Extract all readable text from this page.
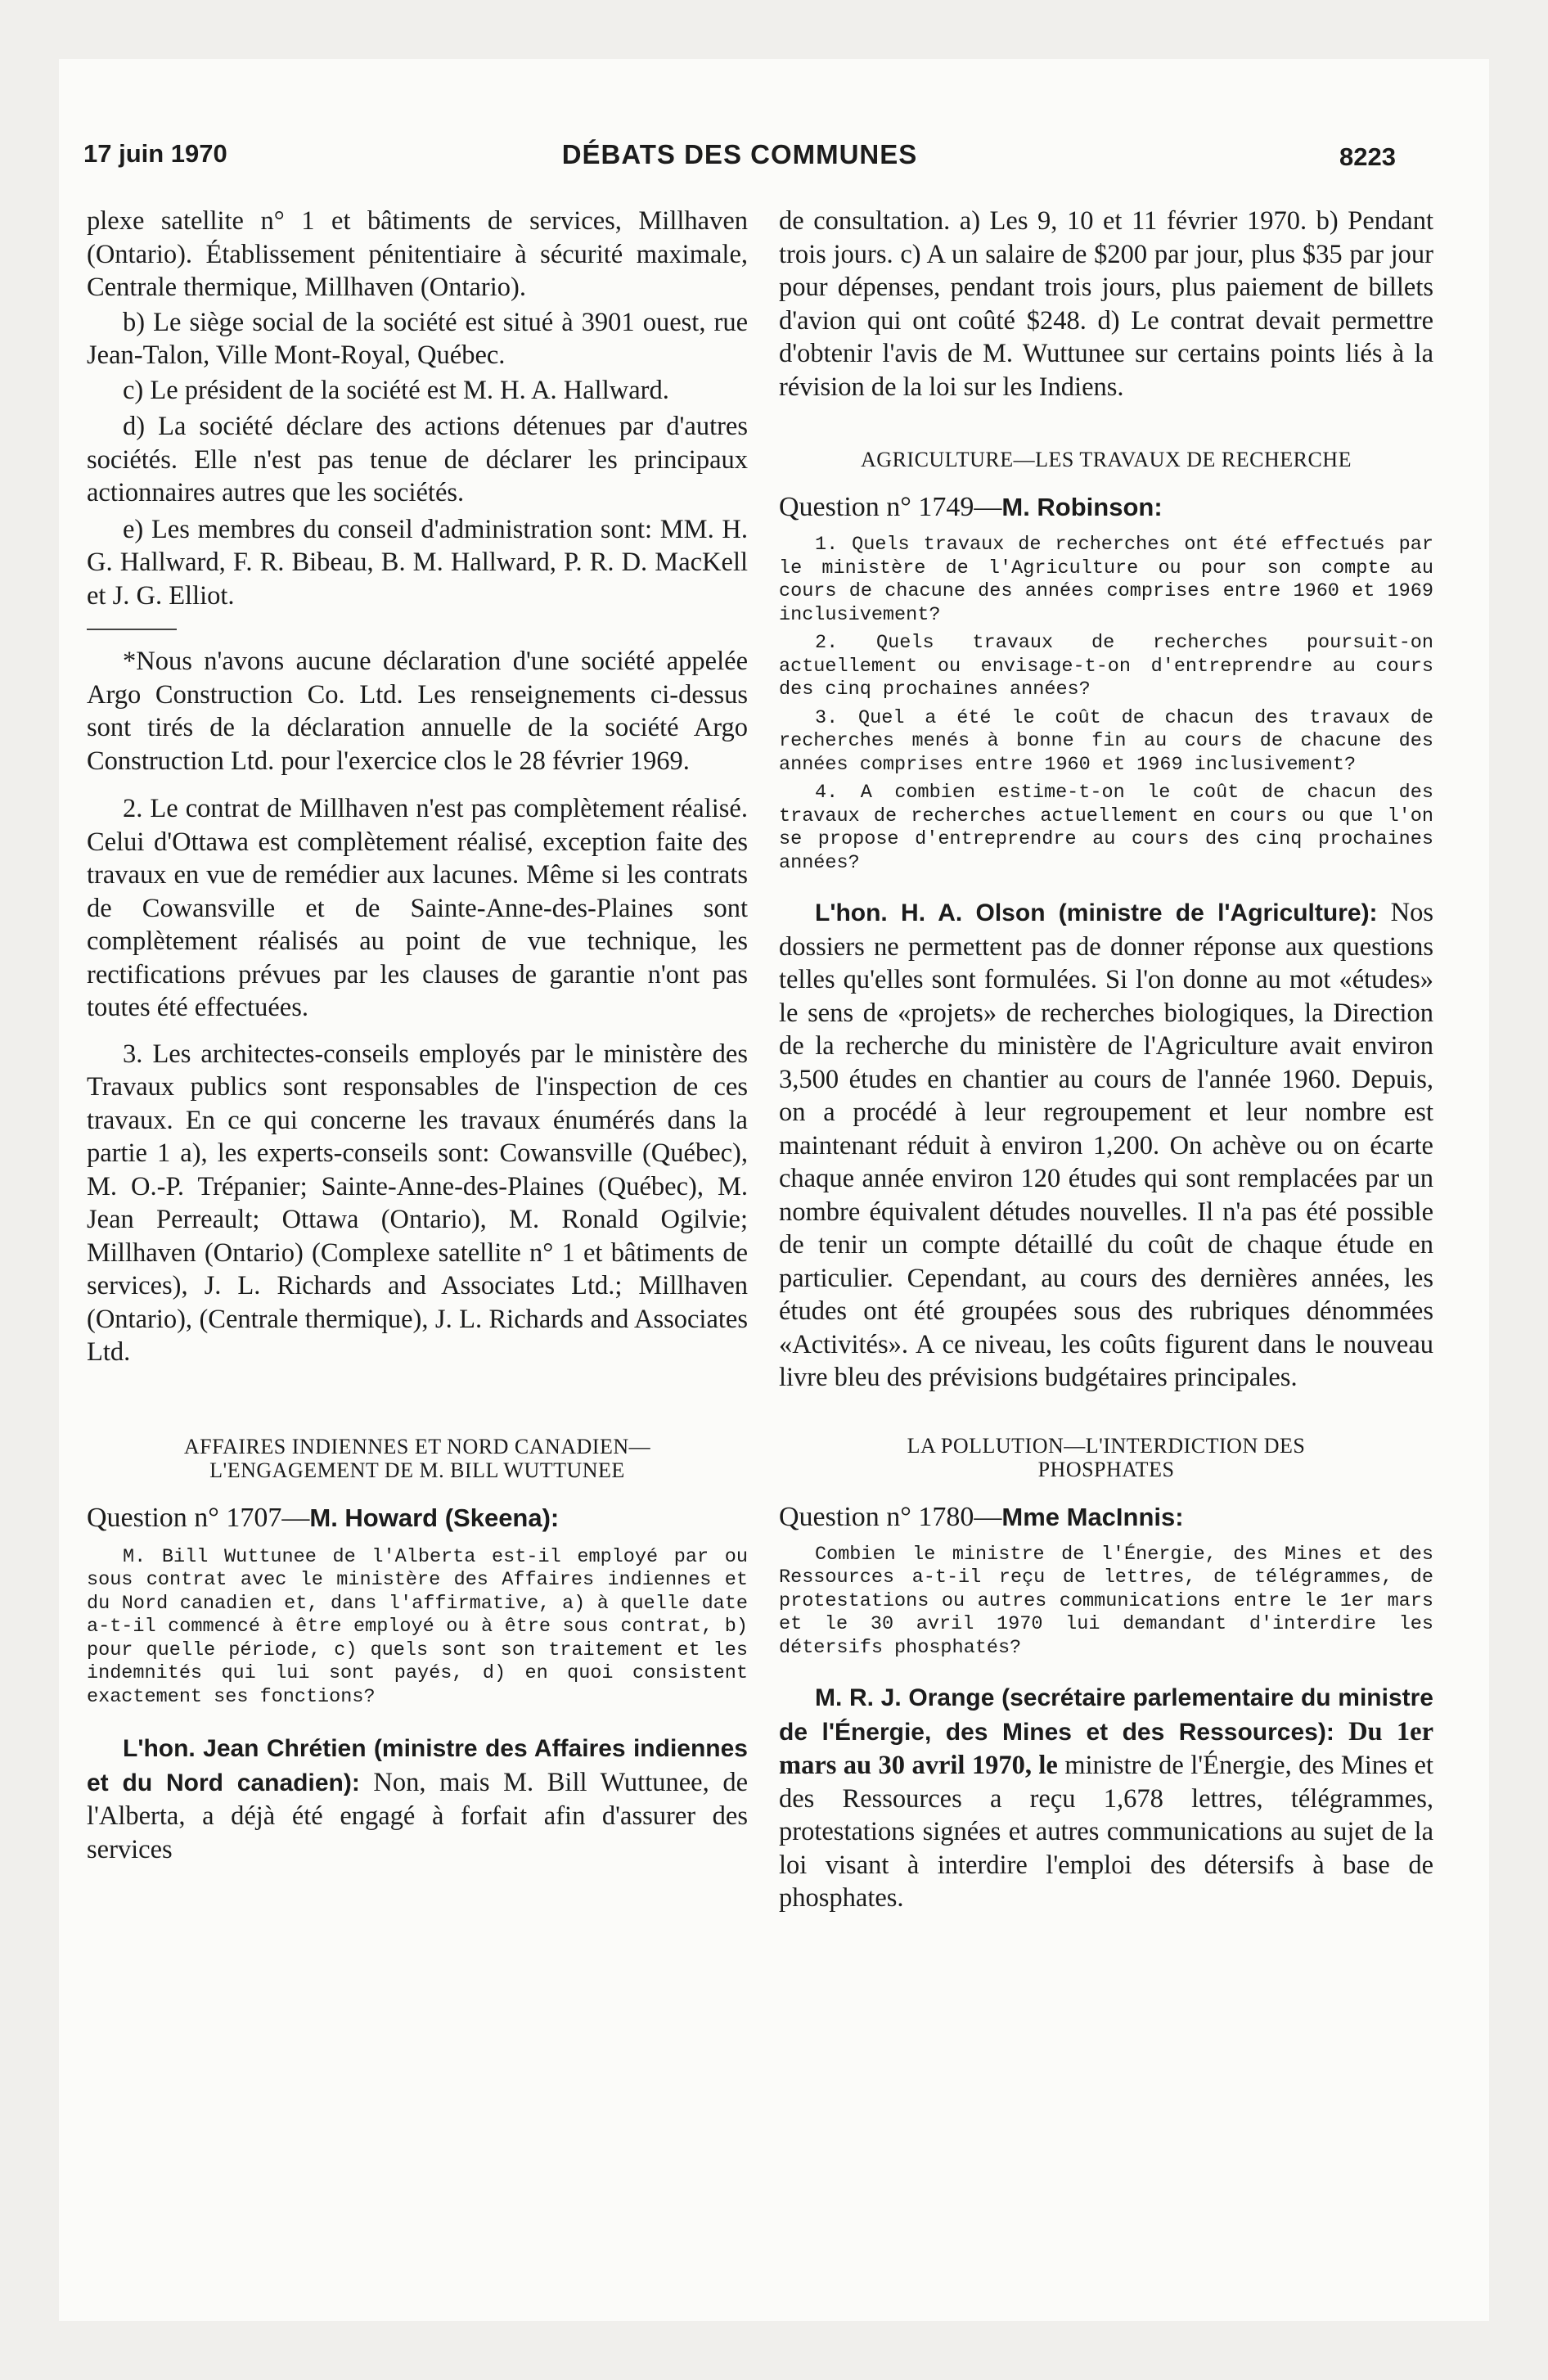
17 juin 1970	DÉBATS DES COMMUNES	8223

plexe satellite n° 1 et bâtiments de services, Millhaven (Ontario). Établissement pénitentiaire à sécurité maximale, Centrale thermique, Millhaven (Ontario).

b) Le siège social de la société est situé à 3901 ouest, rue Jean-Talon, Ville Mont-Royal, Québec.

c) Le président de la société est M. H. A. Hallward.

d) La société déclare des actions détenues par d'autres sociétés. Elle n'est pas tenue de déclarer les principaux actionnaires autres que les sociétés.

e) Les membres du conseil d'administration sont: MM. H. G. Hallward, F. R. Bibeau, B. M. Hallward, P. R. D. MacKell et J. G. Elliot.

*Nous n'avons aucune déclaration d'une société appelée Argo Construction Co. Ltd. Les renseignements ci-dessus sont tirés de la déclaration annuelle de la société Argo Construction Ltd. pour l'exercice clos le 28 février 1969.

2. Le contrat de Millhaven n'est pas complètement réalisé. Celui d'Ottawa est complètement réalisé, exception faite des travaux en vue de remédier aux lacunes. Même si les contrats de Cowansville et de Sainte-Anne-des-Plaines sont complètement réalisés au point de vue technique, les rectifications prévues par les clauses de garantie n'ont pas toutes été effectuées.

3. Les architectes-conseils employés par le ministère des Travaux publics sont responsables de l'inspection de ces travaux. En ce qui concerne les travaux énumérés dans la partie 1 a), les experts-conseils sont: Cowansville (Québec), M. O.-P. Trépanier; Sainte-Anne-des-Plaines (Québec), M. Jean Perreault; Ottawa (Ontario), M. Ronald Ogilvie; Millhaven (Ontario) (Complexe satellite n° 1 et bâtiments de services), J. L. Richards and Associates Ltd.; Millhaven (Ontario), (Centrale thermique), J. L. Richards and Associates Ltd.

AFFAIRES INDIENNES ET NORD CANADIEN—

L'ENGAGEMENT DE M. BILL WUTTUNEE

Question n° 1707—M. Howard (Skeena):

M. Bill Wuttunee de l'Alberta est-il employé par ou sous contrat avec le ministère des Affaires indiennes et du Nord canadien et, dans l'affirmative, a) à quelle date a-t-il commencé à être employé ou à être sous contrat, b) pour quelle période, c) quels sont son traitement et les indemnités qui lui sont payés, d) en quoi consistent exactement ses fonctions?

L'hon. Jean Chrétien (ministre des Affaires indiennes et du Nord canadien): Non, mais M. Bill Wuttunee, de l'Alberta, a déjà été engagé à forfait afin d'assurer des services

de consultation. a) Les 9, 10 et 11 février 1970. b) Pendant trois jours. c) A un salaire de $200 par jour, plus $35 par jour pour dépenses, pendant trois jours, plus paiement de billets d'avion qui ont coûté $248. d) Le contrat devait permettre d'obtenir l'avis de M. Wuttunee sur certains points liés à la révision de la loi sur les Indiens.

AGRICULTURE—LES TRAVAUX DE RECHERCHE

Question n° 1749—M. Robinson:

1. Quels travaux de recherches ont été effectués par le ministère de l'Agriculture ou pour son compte au cours de chacune des années comprises entre 1960 et 1969 inclusivement?

2. Quels travaux de recherches poursuit-on actuellement ou envisage-t-on d'entreprendre au cours des cinq prochaines années?

3. Quel a été le coût de chacun des travaux de recherches menés à bonne fin au cours de chacune des années comprises entre 1960 et 1969 inclusivement?

4. A combien estime-t-on le coût de chacun des travaux de recherches actuellement en cours ou que l'on se propose d'entreprendre au cours des cinq prochaines années?

L'hon. H. A. Olson (ministre de l'Agriculture): Nos dossiers ne permettent pas de donner réponse aux questions telles qu'elles sont formulées. Si l'on donne au mot «études» le sens de «projets» de recherches biologiques, la Direction de la recherche du ministère de l'Agriculture avait environ 3,500 études en chantier au cours de l'année 1960. Depuis, on a procédé à leur regroupement et leur nombre est maintenant réduit à environ 1,200. On achève ou on écarte chaque année environ 120 études qui sont remplacées par un nombre équivalent détudes nouvelles. Il n'a pas été possible de tenir un compte détaillé du coût de chaque étude en particulier. Cependant, au cours des dernières années, les études ont été groupées sous des rubriques dénommées «Activités». A ce niveau, les coûts figurent dans le nouveau livre bleu des prévisions budgétaires principales.

LA POLLUTION—L'INTERDICTION DES

PHOSPHATES

Question n° 1780—Mme MacInnis:

Combien le ministre de l'Énergie, des Mines et des Ressources a-t-il reçu de lettres, de télégrammes, de protestations ou autres communications entre le 1er mars et le 30 avril 1970 lui demandant d'interdire les détersifs phosphatés?

M. R. J. Orange (secrétaire parlementaire du ministre de l'Énergie, des Mines et des Ressources): Du 1er mars au 30 avril 1970, le ministre de l'Énergie, des Mines et des Ressources a reçu 1,678 lettres, télégrammes, protestations signées et autres communications au sujet de la loi visant à interdire l'emploi des détersifs à base de phosphates.
